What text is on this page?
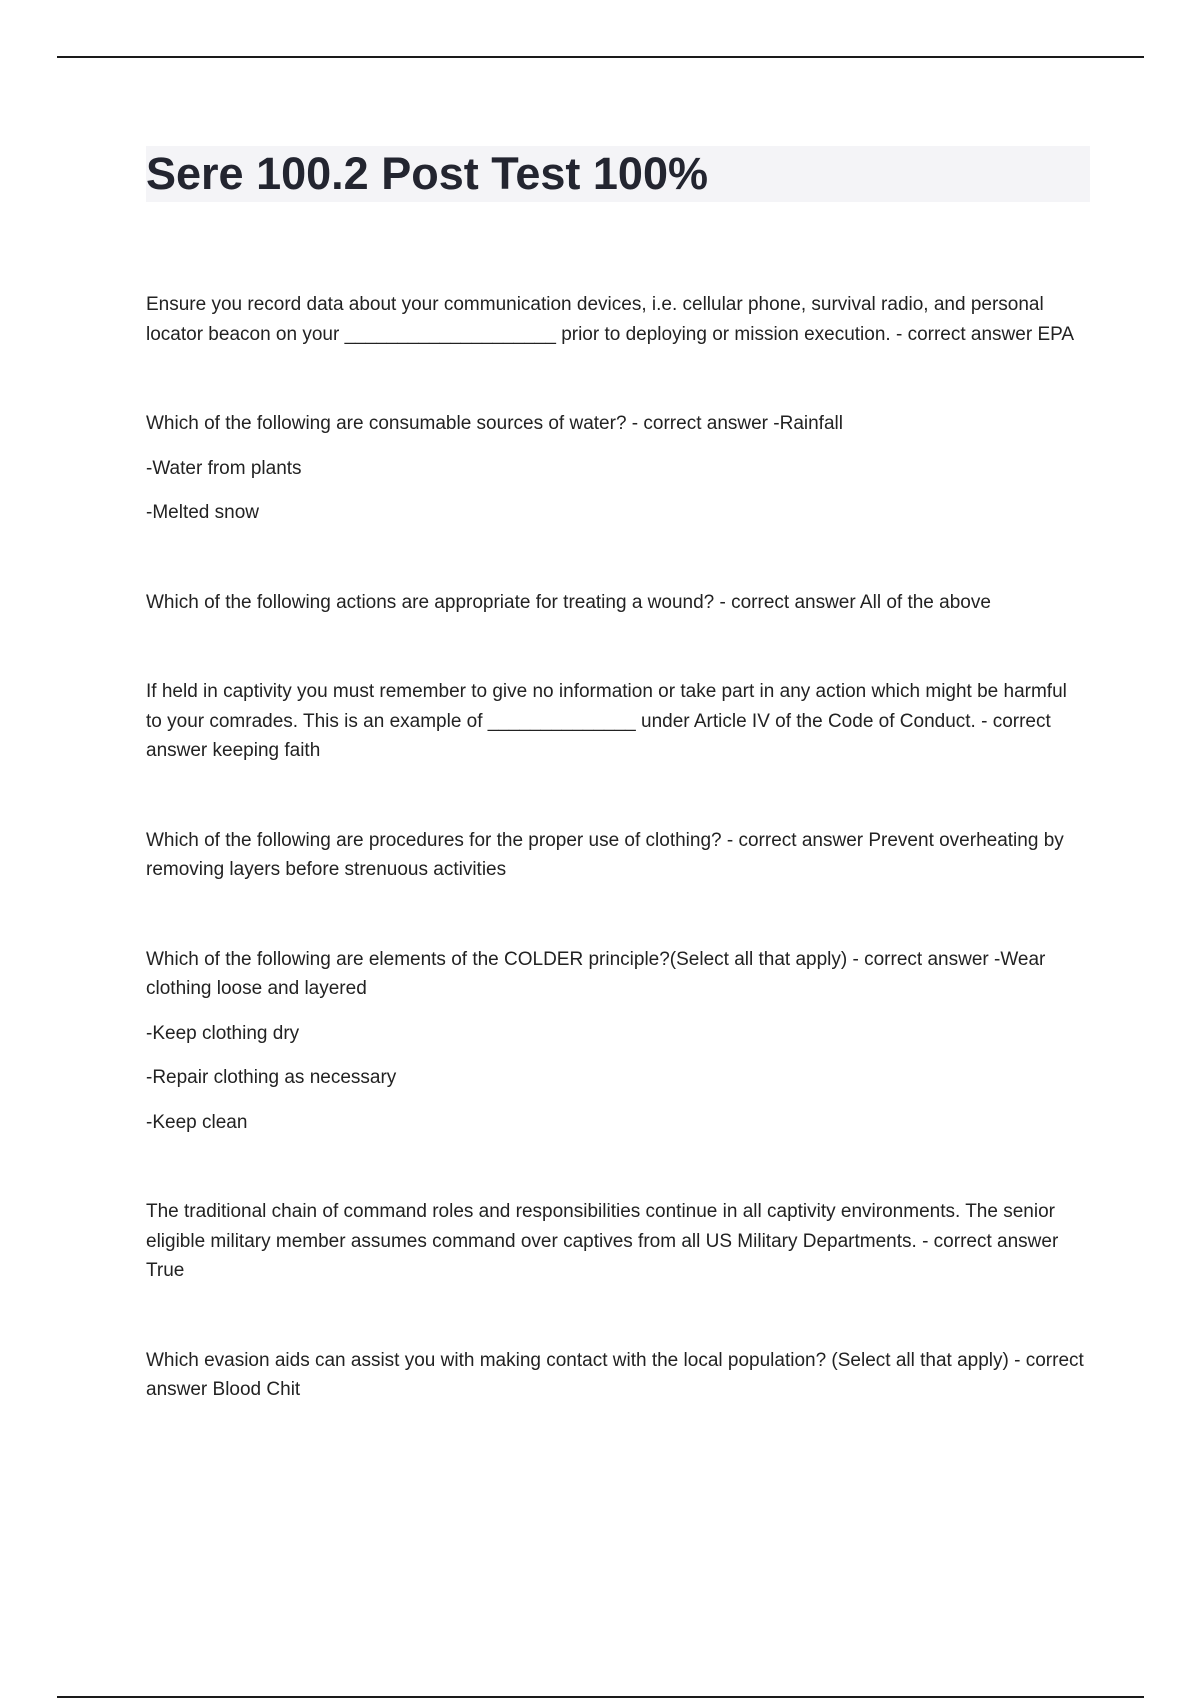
Sere 100.2 Post Test 100%

Ensure you record data about your communication devices, i.e. cellular phone, survival radio, and personal locator beacon on your ____________________ prior to deploying or mission execution. - correct answer EPA

Which of the following are consumable sources of water? - correct answer -Rainfall

-Water from plants

-Melted snow

Which of the following actions are appropriate for treating a wound? - correct answer All of the above

If held in captivity you must remember to give no information or take part in any action which might be harmful to your comrades. This is an example of ______________ under Article IV of the Code of Conduct. - correct answer keeping faith

Which of the following are procedures for the proper use of clothing? - correct answer Prevent overheating by removing layers before strenuous activities

Which of the following are elements of the COLDER principle?(Select all that apply) - correct answer -Wear clothing loose and layered

-Keep clothing dry

-Repair clothing as necessary

-Keep clean

The traditional chain of command roles and responsibilities continue in all captivity environments. The senior eligible military member assumes command over captives from all US Military Departments. - correct answer True

Which evasion aids can assist you with making contact with the local population? (Select all that apply) - correct answer Blood Chit
